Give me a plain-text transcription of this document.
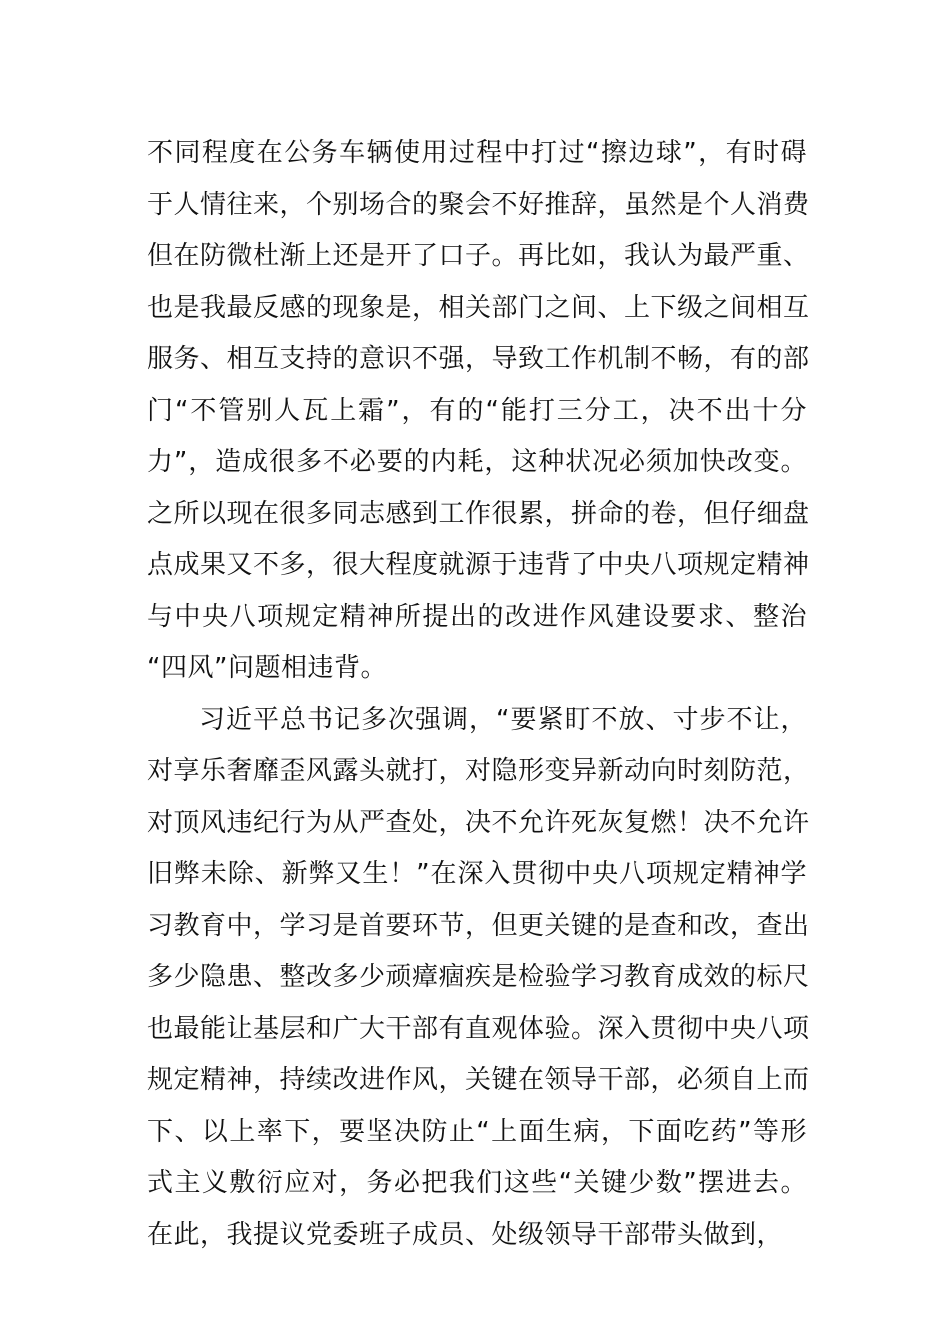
不同程度在公务车辆使用过程中打过“擦边球”，有时碍
于人情往来，个别场合的聚会不好推辞，虽然是个人消费
但在防微杜渐上还是开了口子。再比如，我认为最严重、
也是我最反感的现象是，相关部门之间、上下级之间相互
服务、相互支持的意识不强，导致工作机制不畅，有的部
门“不管别人瓦上霜”，有的“能打三分工，决不出十分
力”，造成很多不必要的内耗，这种状况必须加快改变。
之所以现在很多同志感到工作很累，拼命的卷，但仔细盘
点成果又不多，很大程度就源于违背了中央八项规定精神
与中央八项规定精神所提出的改进作风建设要求、整治
“四风”问题相违背。
习近平总书记多次强调，“要紧盯不放、寸步不让，
对享乐奢靡歪风露头就打，对隐形变异新动向时刻防范，
对顶风违纪行为从严查处，决不允许死灰复燃！决不允许
旧弊未除、新弊又生！”在深入贯彻中央八项规定精神学
习教育中，学习是首要环节，但更关键的是查和改，查出
多少隐患、整改多少顽瘴痼疾是检验学习教育成效的标尺
也最能让基层和广大干部有直观体验。深入贯彻中央八项
规定精神，持续改进作风，关键在领导干部，必须自上而
下、以上率下，要坚决防止“上面生病，下面吃药”等形
式主义敷衍应对，务必把我们这些“关键少数”摆进去。
在此，我提议党委班子成员、处级领导干部带头做到，
